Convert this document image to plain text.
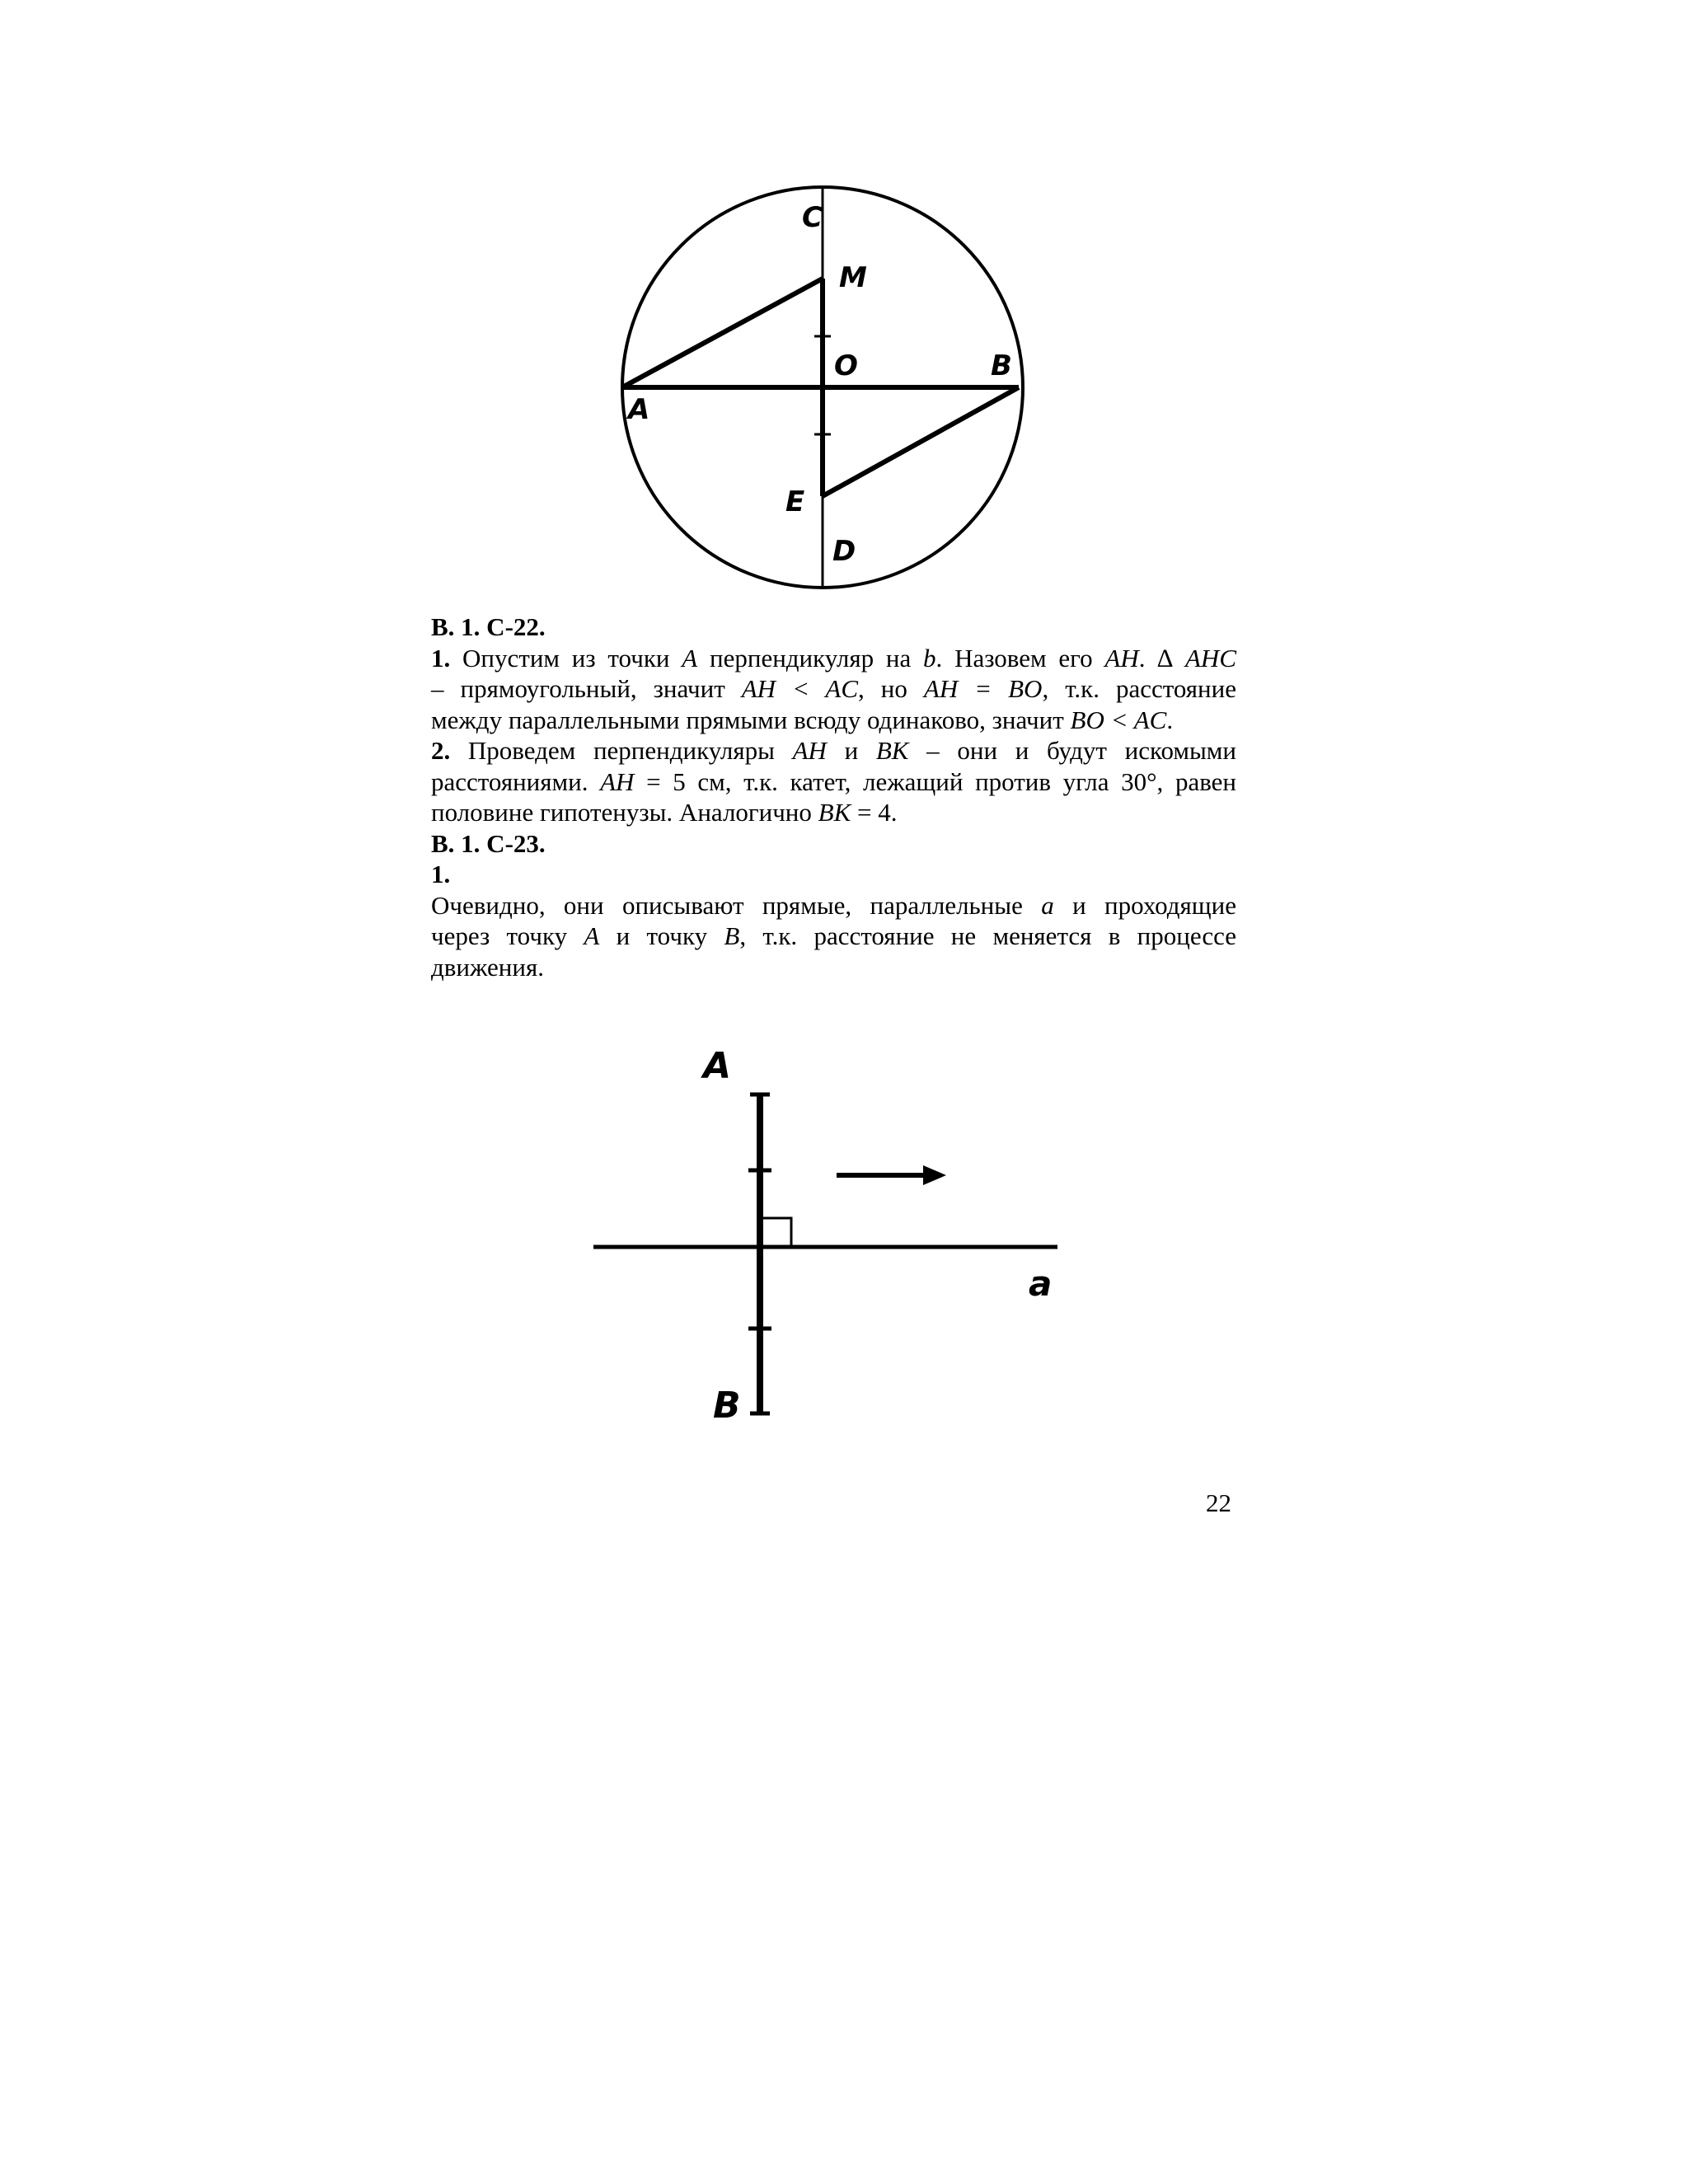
C
M
O	B
A
E
D
В. 1. С-22.
1. Опустим из точки A перпендикуляр на b. Назовем его AH. ∆ AHC
– прямоугольный, значит AH < AC, но AH = BO, т.к. расстояние
между параллельными прямыми всюду одинаково, значит BO < AC.
2. Проведем перпендикуляры AH и BK – они и будут искомыми
расстояниями. AH = 5 см, т.к. катет, лежащий против угла 30°, равен
половине гипотенузы. Аналогично BK = 4.
В. 1. С-23.
1.
Очевидно, они описывают прямые, параллельные a и проходящие
через точку A и точку B, т.к. расстояние не меняется в процессе
движения.
A
B
a
22
